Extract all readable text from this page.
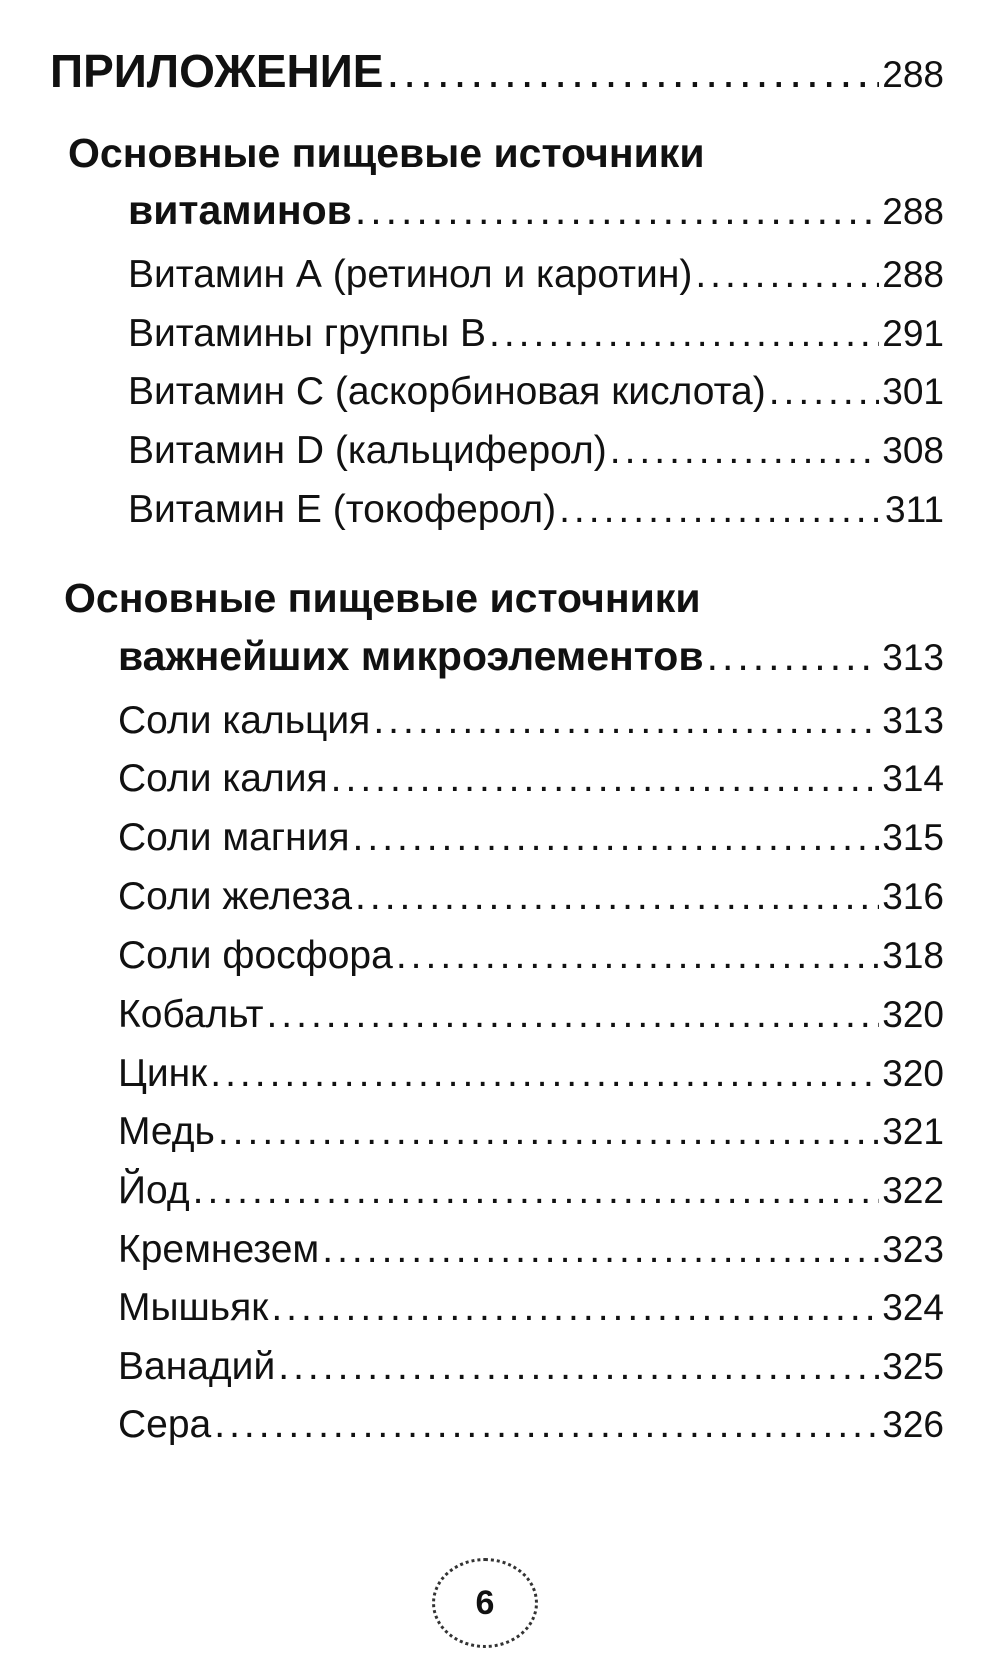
ПРИЛОЖЕНИЕ .....	288
Основные пищевые источники
витаминов .....	288
Витамин А (ретинол и каротин) .....	288
Витамины группы В .....	291
Витамин С (аскорбиновая кислота) .....	301
Витамин D (кальциферол) .....	308
Витамин Е (токоферол) .....	311
Основные пищевые источники
важнейших микроэлементов .....	313
Соли кальция .....	313
Соли калия .....	314
Соли магния .....	315
Соли железа .....	316
Соли фосфора .....	318
Кобальт .....	320
Цинк .....	320
Медь .....	321
Йод .....	322
Кремнезем .....	323
Мышьяк .....	324
Ванадий .....	325
Сера .....	326
6
